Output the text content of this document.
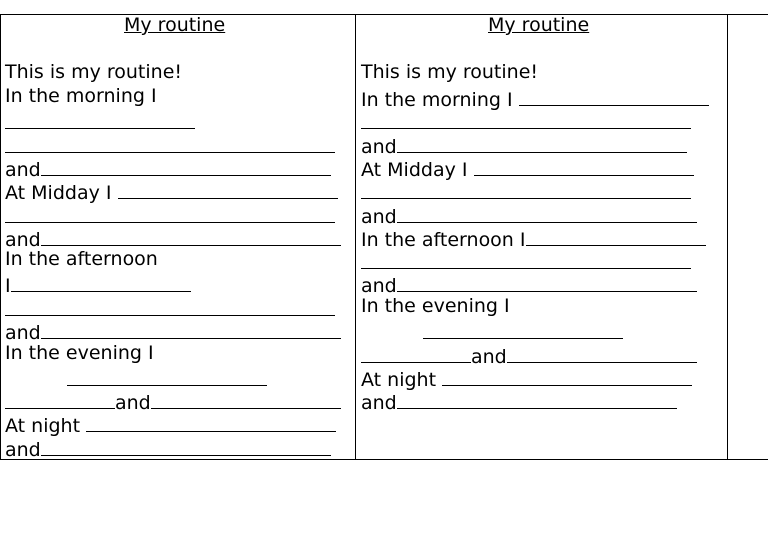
My routine
This is my routine!
In the morning I
and
At Midday I
and
In the afternoon
I
and
In the evening I
and
At night
and
My routine
This is my routine!
In the morning I
and
At Midday I
and
In the afternoon I
and
In the evening I
and
At night
and
